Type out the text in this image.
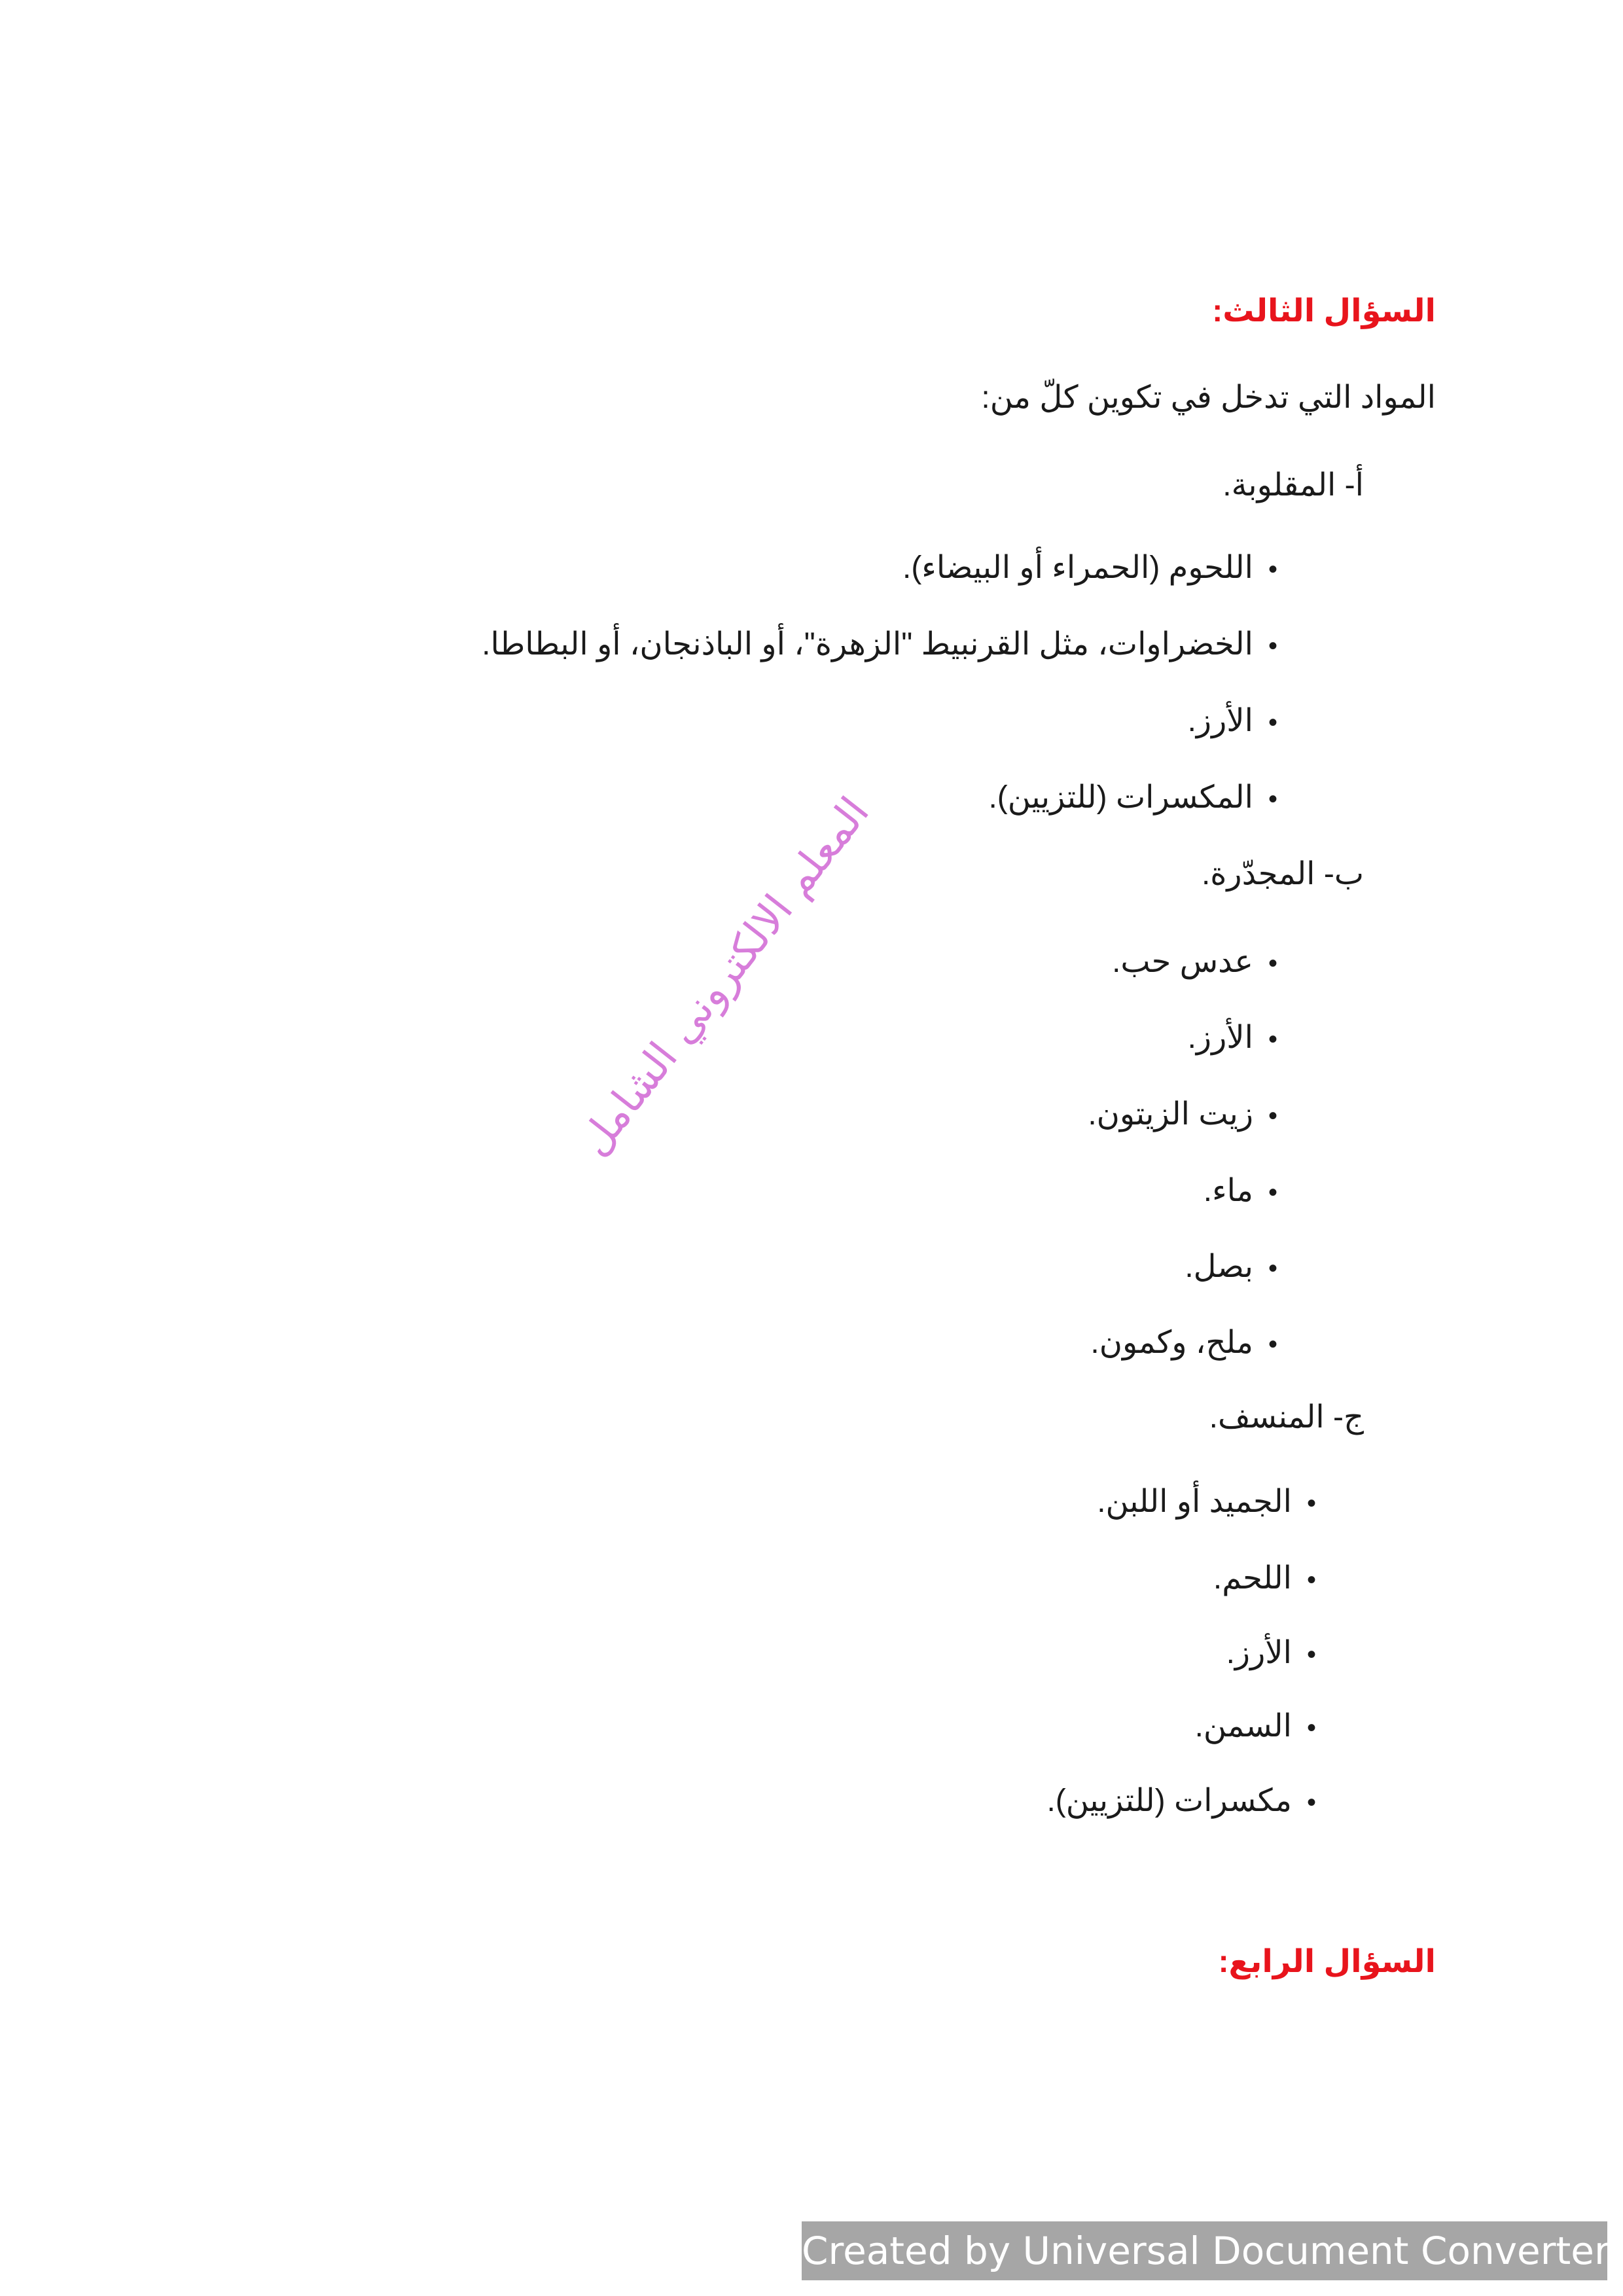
السؤال الثالث:
المواد التي تدخل في تكوين كلّ من:
أ- المقلوبة.
•اللحوم (الحمراء أو البيضاء).
•الخضراوات، مثل القرنبيط "الزهرة"، أو الباذنجان، أو البطاطا.
•الأرز.
•المكسرات (للتزيين).
ب- المجدّرة.
•عدس حب.
•الأرز.
•زيت الزيتون.
•ماء.
•بصل.
•ملح، وكمون.
ج- المنسف.
•الجميد أو اللبن.
•اللحم.
•الأرز.
•السمن.
•مكسرات (للتزيين).
السؤال الرابع:
المعلم الالكتروني الشامل
Created by Universal Document Converter
